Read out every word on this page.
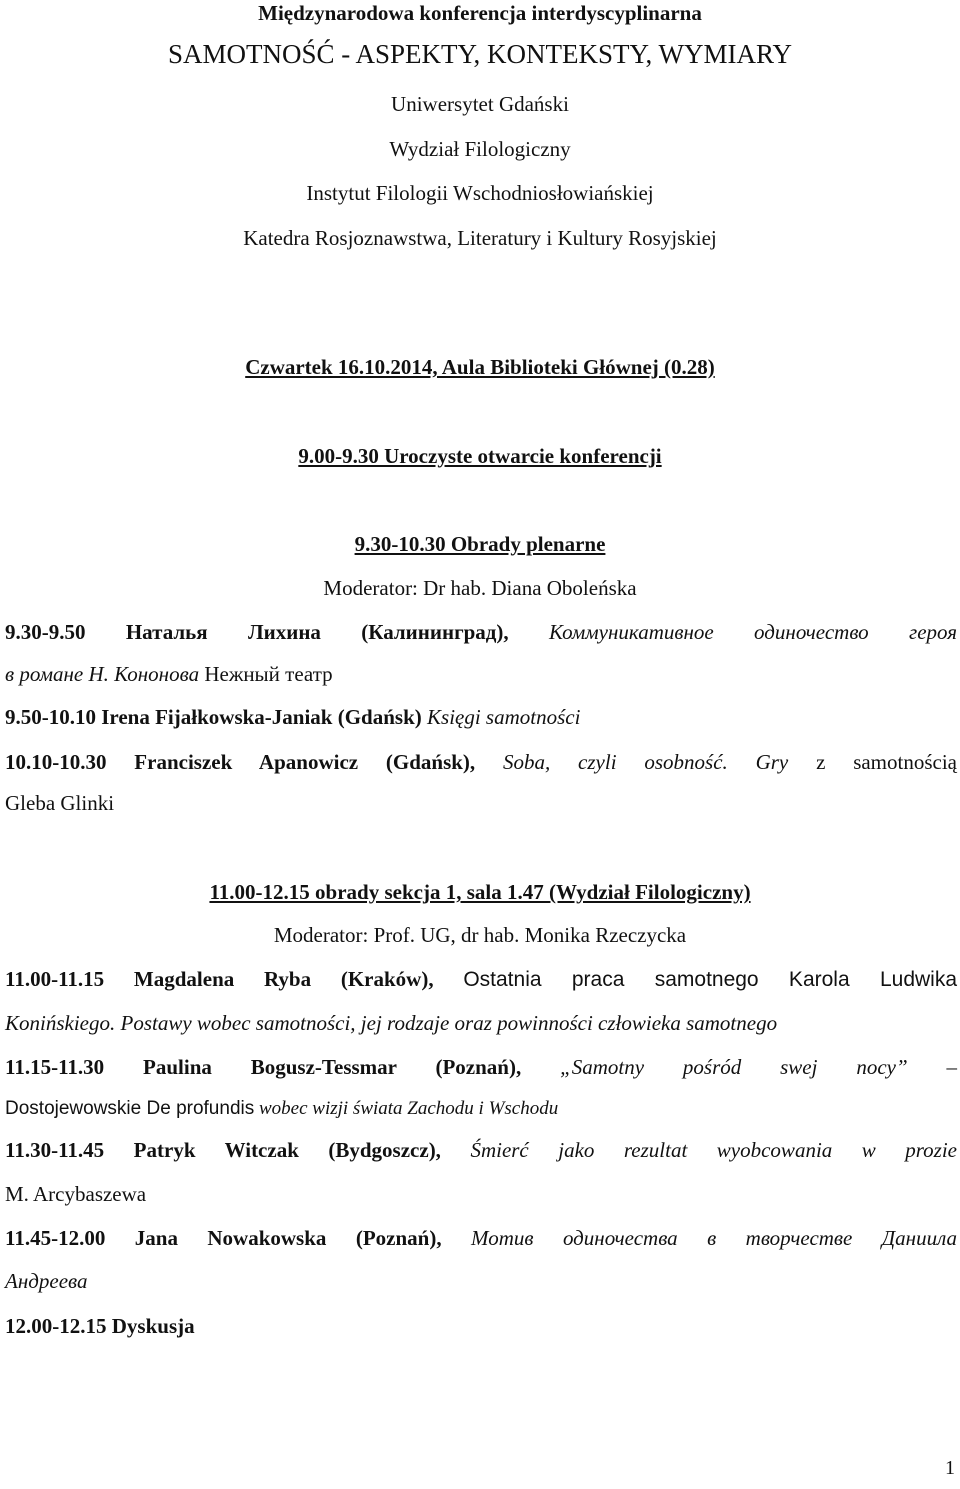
Międzynarodowa konferencja interdyscyplinarna
SAMOTNOŚĆ - ASPEKTY, KONTEKSTY, WYMIARY
Uniwersytet Gdański
Wydział Filologiczny
Instytut Filologii Wschodniosłowiańskiej
Katedra Rosjoznawstwa, Literatury i Kultury Rosyjskiej
Czwartek 16.10.2014, Aula Biblioteki Głównej (0.28)
9.00-9.30 Uroczyste otwarcie konferencji
9.30-10.30 Obrady plenarne
Moderator: Dr hab. Diana Oboleńska
9.30-9.50 Наталья Лихина (Калининград), Коммуникативное одиночество героя
в романе Н. Кононова Нежный театр
9.50-10.10 Irena Fijałkowska-Janiak (Gdańsk) Księgi samotności
10.10-10.30 Franciszek Apanowicz (Gdańsk), Soba, czyli osobność. Gry z samotnością
Gleba Glinki
11.00-12.15 obrady sekcja 1, sala 1.47 (Wydział Filologiczny)
Moderator: Prof. UG, dr hab. Monika Rzeczycka
11.00-11.15 Magdalena Ryba (Kraków), Ostatnia praca samotnego Karola Ludwika
Konińskiego. Postawy wobec samotności, jej rodzaje oraz powinności człowieka samotnego
11.15-11.30 Paulina Bogusz-Tessmar (Poznań), „Samotny pośród swej nocy” –
Dostojewowskie De profundis wobec wizji świata Zachodu i Wschodu
11.30-11.45 Patryk Witczak (Bydgoszcz), Śmierć jako rezultat wyobcowania w prozie
M. Arcybaszewa
11.45-12.00 Jana Nowakowska (Poznań), Мотив одиночества в творчестве Даниила
Андреева
12.00-12.15 Dyskusja
1
